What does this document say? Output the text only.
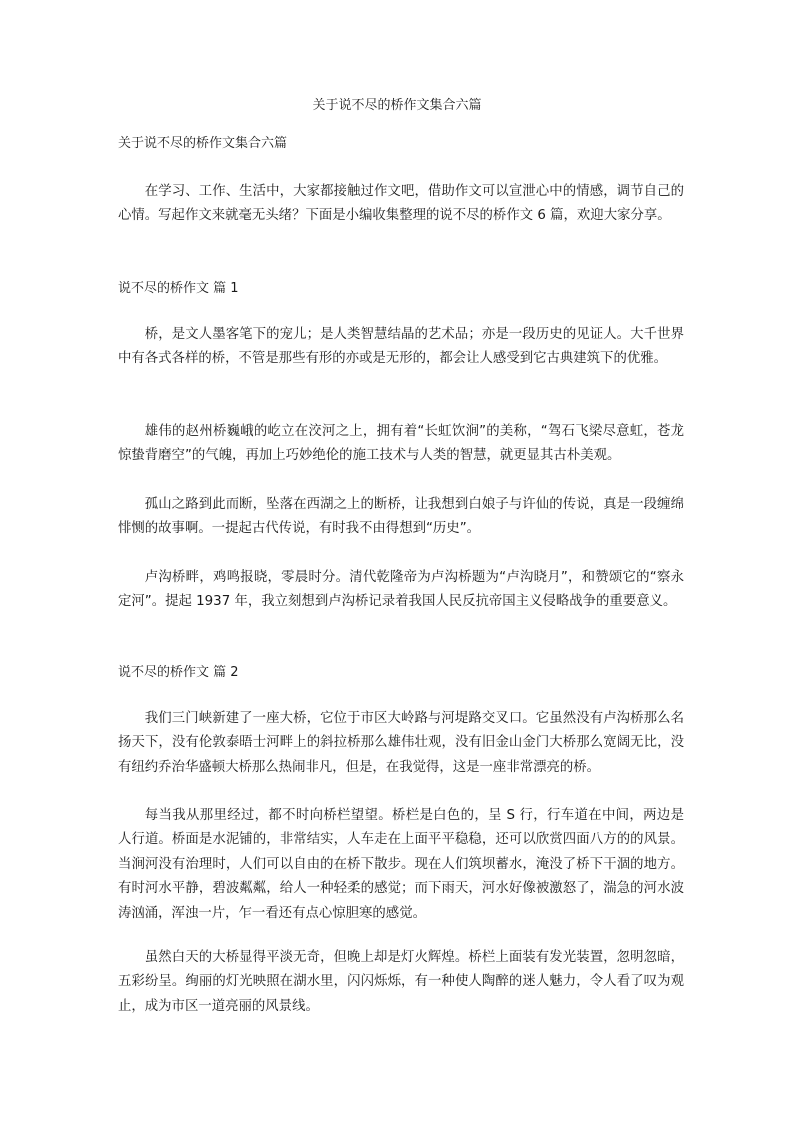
关于说不尽的桥作文集合六篇
关于说不尽的桥作文集合六篇

在学习、工作、生活中，大家都接触过作文吧，借助作文可以宣泄心中的情感，调节自己的心情。写起作文来就毫无头绪？下面是小编收集整理的说不尽的桥作文 6 篇，欢迎大家分享。

说不尽的桥作文 篇 1

桥，是文人墨客笔下的宠儿；是人类智慧结晶的艺术品；亦是一段历史的见证人。大千世界中有各式各样的桥，不管是那些有形的亦或是无形的，都会让人感受到它古典建筑下的优雅。

雄伟的赵州桥巍峨的屹立在洨河之上，拥有着“长虹饮涧”的美称，“驾石飞梁尽意虹，苍龙惊蛰背磨空”的气魄，再加上巧妙绝伦的施工技术与人类的智慧，就更显其古朴美观。

孤山之路到此而断，坠落在西湖之上的断桥，让我想到白娘子与许仙的传说，真是一段缠绵悱恻的故事啊。一提起古代传说，有时我不由得想到“历史”。

卢沟桥畔，鸡鸣报晓，零晨时分。清代乾隆帝为卢沟桥题为“卢沟晓月”，和赞颂它的“察永定河”。提起 1937 年，我立刻想到卢沟桥记录着我国人民反抗帝国主义侵略战争的重要意义。

说不尽的桥作文 篇 2

我们三门峡新建了一座大桥，它位于市区大岭路与河堤路交叉口。它虽然没有卢沟桥那么名扬天下，没有伦敦泰晤士河畔上的斜拉桥那么雄伟壮观，没有旧金山金门大桥那么宽阔无比，没有纽约乔治华盛顿大桥那么热闹非凡，但是，在我觉得，这是一座非常漂亮的桥。

每当我从那里经过，都不时向桥栏望望。桥栏是白色的，呈 S 行，行车道在中间，两边是人行道。桥面是水泥铺的，非常结实，人车走在上面平平稳稳，还可以欣赏四面八方的的风景。当涧河没有治理时，人们可以自由的在桥下散步。现在人们筑坝蓄水，淹没了桥下干涸的地方。有时河水平静，碧波粼粼，给人一种轻柔的感觉；而下雨天，河水好像被激怒了，湍急的河水波涛汹涌，浑浊一片，乍一看还有点心惊胆寒的感觉。

虽然白天的大桥显得平淡无奇，但晚上却是灯火辉煌。桥栏上面装有发光装置，忽明忽暗，五彩纷呈。绚丽的灯光映照在湖水里，闪闪烁烁，有一种使人陶醉的迷人魅力，令人看了叹为观止，成为市区一道亮丽的风景线。
